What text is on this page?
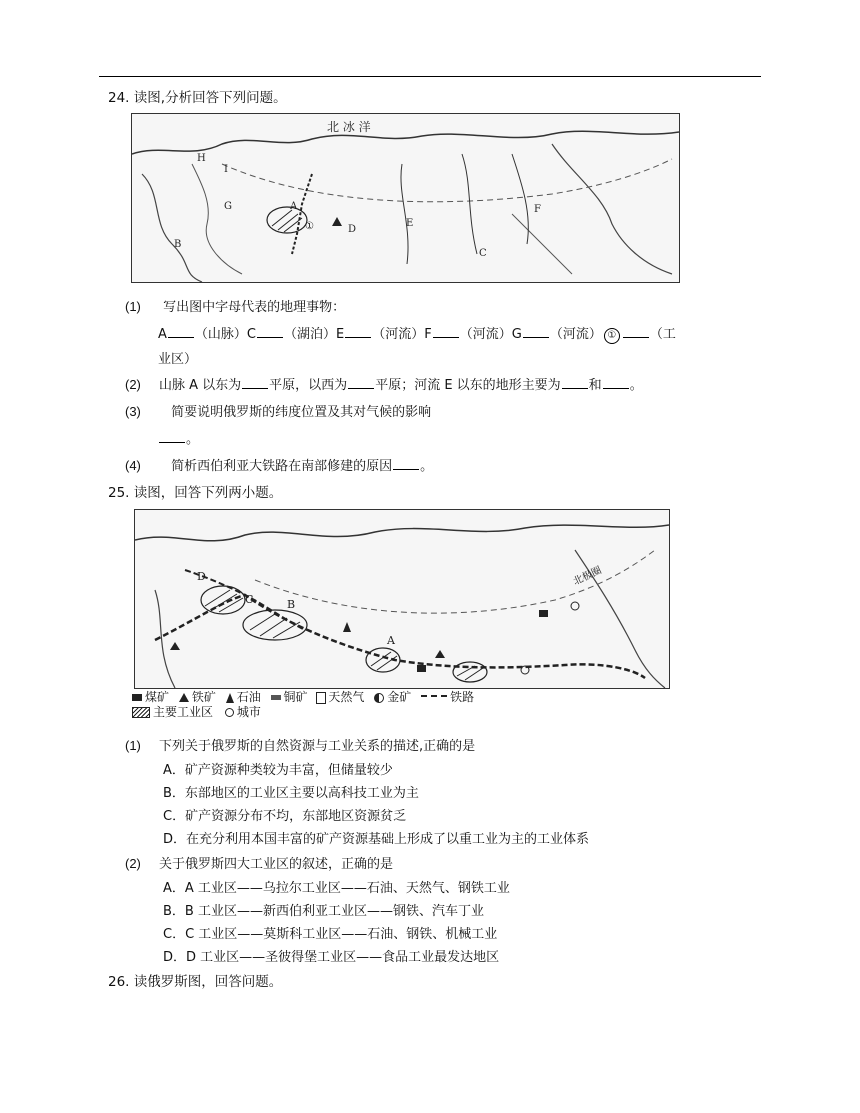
24. 读图,分析回答下列问题。
北 冰 洋
A
B
C
D
E
F
G
H
I
①
(1) 写出图中字母代表的地理事物：
A （山脉）C （湖泊）E （河流）F （河流）G （河流） ①	（工
业区）
(2) 山脉 A 以东为 平原，以西为 平原；河流 E 以东的地形主要为 和 。
(3) 简要说明俄罗斯的纬度位置及其对气候的影响
。
(4) 简析西伯利亚大铁路在南部修建的原因 。
25. 读图，回答下列两小题。
北极圈
A
B
C
D
煤矿 铁矿 石油 铜矿 天然气 金矿	铁路
主要工业区 城市
(1) 下列关于俄罗斯的自然资源与工业关系的描述,正确的是
A．矿产资源种类较为丰富，但储量较少
B．东部地区的工业区主要以高科技工业为主
C．矿产资源分布不均，东部地区资源贫乏
D．在充分利用本国丰富的矿产资源基础上形成了以重工业为主的工业体系
(2) 关于俄罗斯四大工业区的叙述，正确的是
A．A 工业区——乌拉尔工业区——石油、天然气、钢铁工业
B．B 工业区——新西伯利亚工业区——钢铁、汽车丁业
C．C 工业区——莫斯科工业区——石油、钢铁、机械工业
D．D 工业区——圣彼得堡工业区——食品工业最发达地区
26. 读俄罗斯图，回答问题。
